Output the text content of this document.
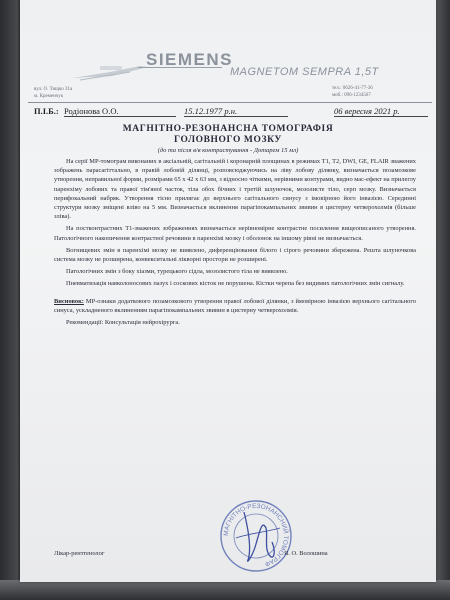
SIEMENS
MAGNETOM SEMPRA 1,5T
вул. О. Тищко 31а
м. Кременчук
тел.: 0626-41-77-36
моб.: 096-1234567
П.І.Б.: Родіонова О.О.	15.12.1977 р.н.	06 вересня 2021 р.
МАГНІТНО-РЕЗОНАНСНА ТОМОГРАФІЯ
ГОЛОВНОГО МОЗКУ
(до та після в/в контрастування - Дотарем 15 мл)

На серії МР-томограм виконаних в аксіальній, сагітальній і коронарній площинах в режимах Т1, Т2, DWI, GE, FLAIR зважених зображень парасагіттально, в правій лобовій ділянці, розповсюджуючись на ліву лобову ділянку, визначається позамозкове утворення, неправильної форми, розмірами 65 х 42 х 63 мм, з відносно чіткими, нерівними контурами, видно мас-ефект на прилеглу паренхіму лобових та правої тім'яної часток, тіла обох бічних і третій шлуночок, мозолисте тіло, серп мозку. Визначається перифокальний набряк. Утворення тісно прилягає до верхнього сагітального синусу з імовірною його інвазією. Серединні структури мозку зміщені вліво на 5 мм. Визначається вклинення парагіпокампальних звивин в цистерну четверохолмія (більше зліва).

На постконтрастних Т1-зважених зображеннях визначається нерівномірне контрастне посилення вищеописаного утворення. Патологічного накопичення контрастної речовини в паренхімі мозку і оболонок на іншому рівні не визначається.

Вогнищевих змін в паренхімі мозку не виявлено, диференціювання білого і сірого речовини збережена. Решта шлуночкова система мозку не розширена, конвекситальні лікворні простори не розширені.

Патологічних змін з боку хіазми, турецького сідла, мозолистого тіла не виявлено.

Пневматизація навколоносових пазух і соскових кісток не порушена. Кістки черепа без видимих патологічних змін сигналу.

Висновок: МР-ознаки додаткового позамозкового утворення правої лобової ділянки, з ймовірною інвазією верхнього сагітального синуса, ускладненого вклиненням парагіпокампальних звивин в цистерну четверохолмія.

Рекомендації: Консультація нейрохірурга.

МАГНІТНО-РЕЗОНАНСНИЙ ТОМОГРАФ
Лікар-рентгенолог	Я. О. Волошина
